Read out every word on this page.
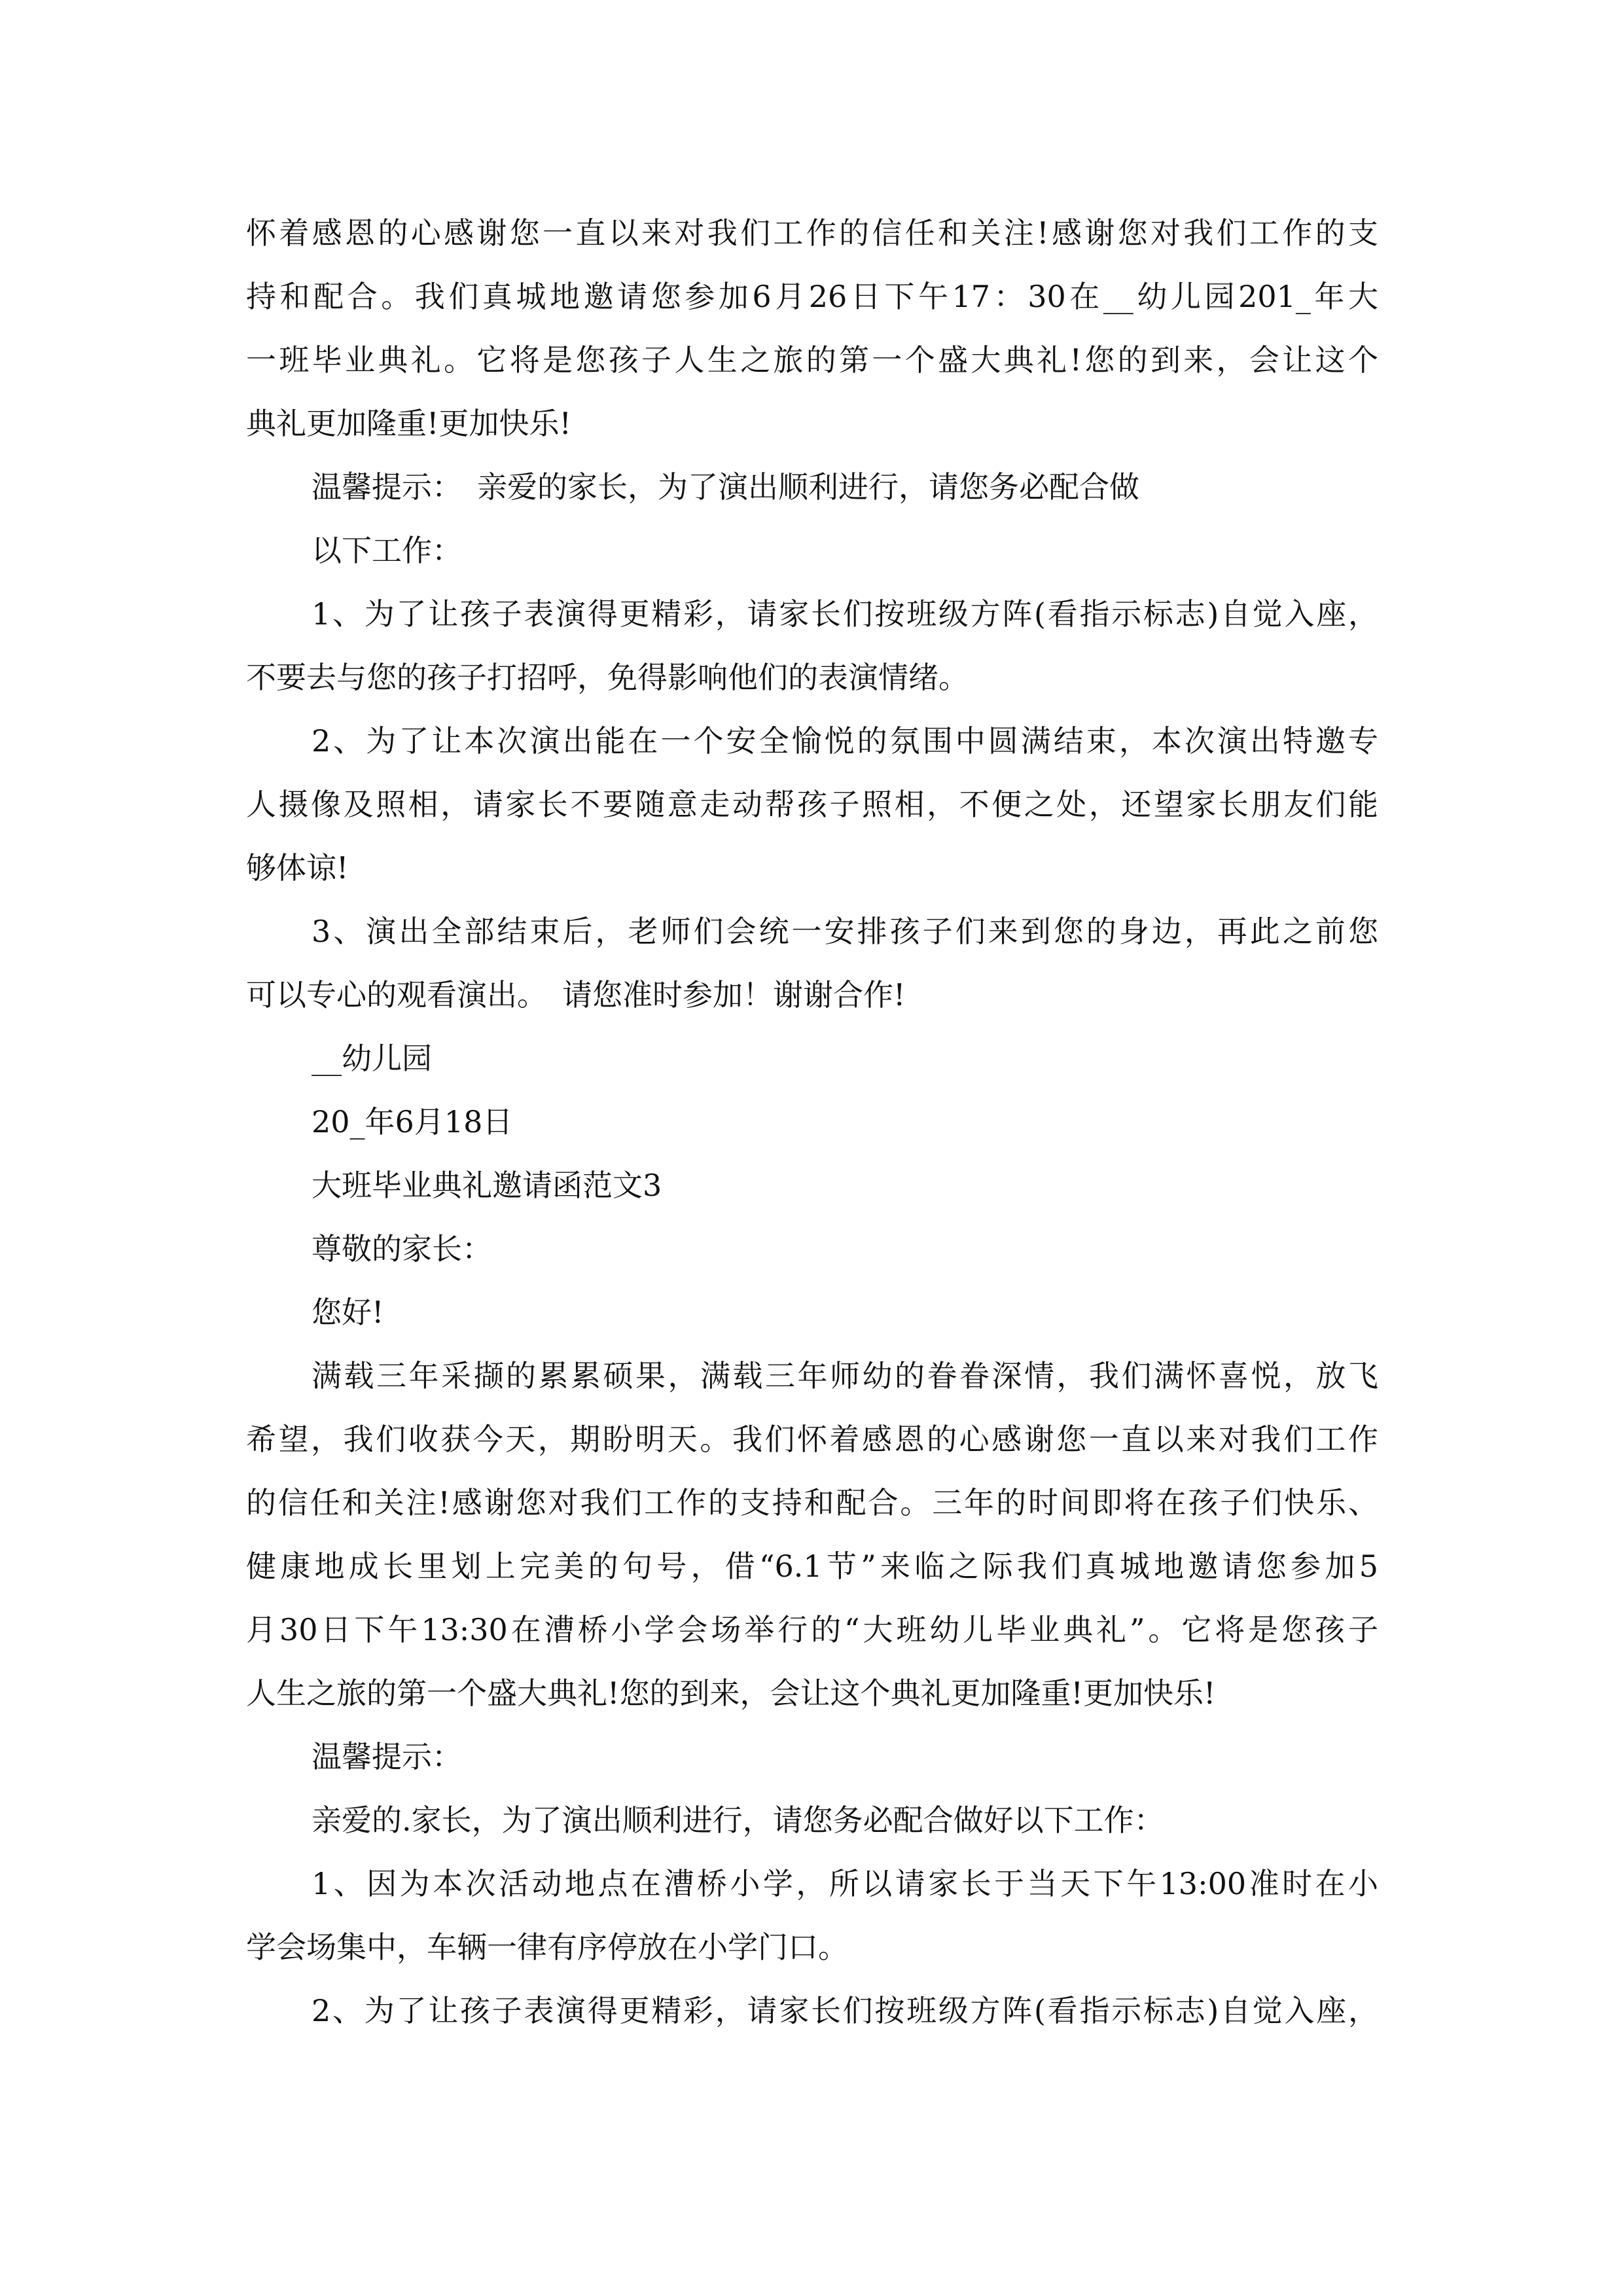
怀着感恩的心感谢您一直以来对我们工作的信任和关注!感谢您对我们工作的支
持和配合。我们真城地邀请您参加6月26日下午17：30在__幼儿园201_年大
一班毕业典礼。它将是您孩子人生之旅的第一个盛大典礼!您的到来，会让这个
典礼更加隆重!更加快乐!
温馨提示：　亲爱的家长，为了演出顺利进行，请您务必配合做
以下工作：
1、为了让孩子表演得更精彩，请家长们按班级方阵(看指示标志)自觉入座，
不要去与您的孩子打招呼，免得影响他们的表演情绪。
2、为了让本次演出能在一个安全愉悦的氛围中圆满结束，本次演出特邀专
人摄像及照相，请家长不要随意走动帮孩子照相，不便之处，还望家长朋友们能
够体谅!
3、演出全部结束后，老师们会统一安排孩子们来到您的身边，再此之前您
可以专心的观看演出。　请您准时参加！谢谢合作!
__幼儿园
20_年6月18日
大班毕业典礼邀请函范文3
尊敬的家长：
您好!
满载三年采撷的累累硕果，满载三年师幼的眷眷深情，我们满怀喜悦，放飞
希望，我们收获今天，期盼明天。我们怀着感恩的心感谢您一直以来对我们工作
的信任和关注!感谢您对我们工作的支持和配合。三年的时间即将在孩子们快乐、
健康地成长里划上完美的句号，借“6.1节”来临之际我们真城地邀请您参加5
月30日下午13:30在漕桥小学会场举行的“大班幼儿毕业典礼”。它将是您孩子
人生之旅的第一个盛大典礼!您的到来，会让这个典礼更加隆重!更加快乐!
温馨提示：
亲爱的.家长，为了演出顺利进行，请您务必配合做好以下工作：
1、因为本次活动地点在漕桥小学，所以请家长于当天下午13:00准时在小
学会场集中，车辆一律有序停放在小学门口。
2、为了让孩子表演得更精彩，请家长们按班级方阵(看指示标志)自觉入座，
